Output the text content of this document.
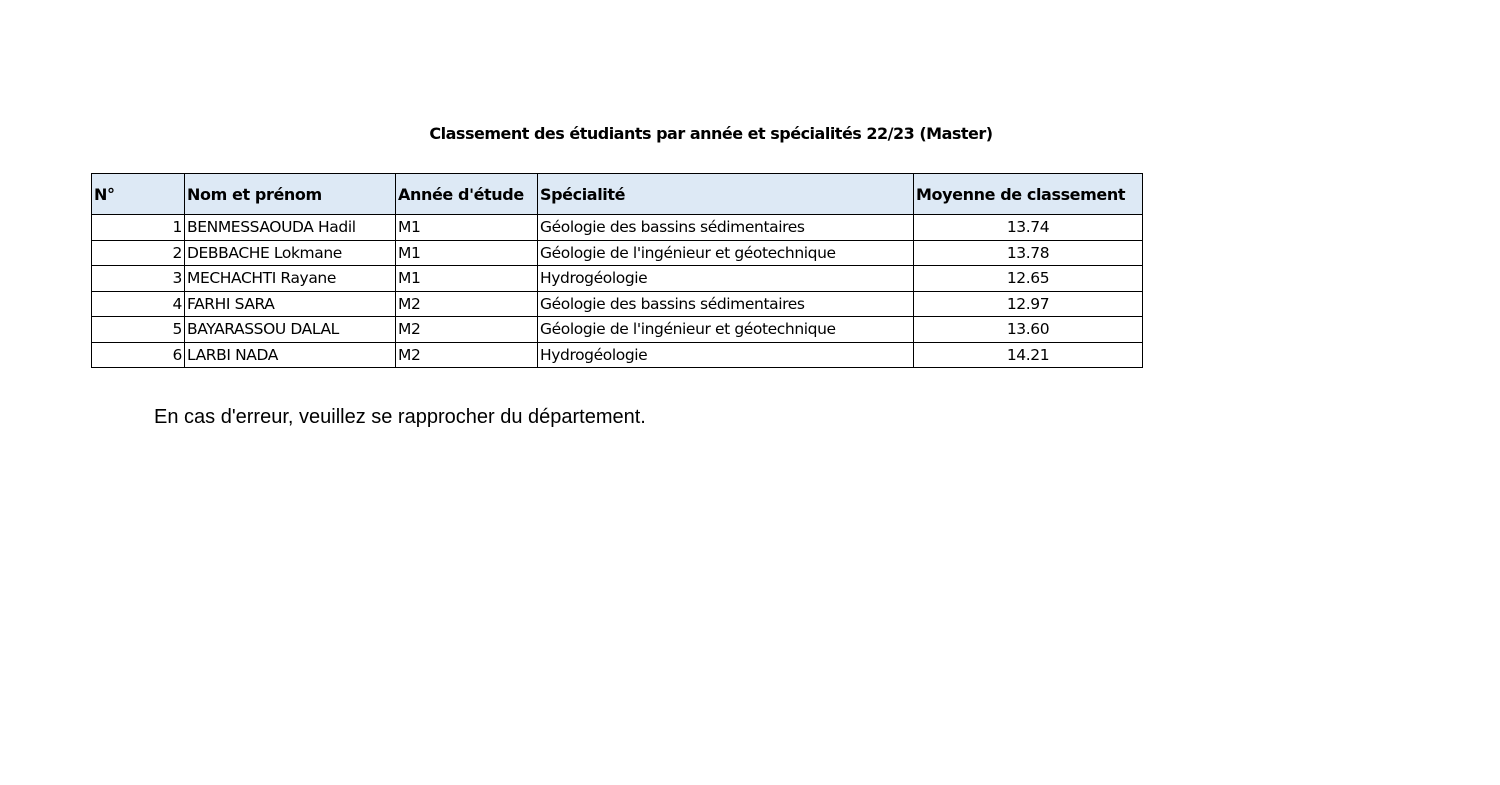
Classement des étudiants par année et spécialités 22/23 (Master)
N°	Nom et prénom	Année d'étude	Spécialité	Moyenne de classement
1	BENMESSAOUDA Hadil	M1	Géologie des bassins sédimentaires	13.74
2	DEBBACHE Lokmane	M1	Géologie de l'ingénieur et géotechnique	13.78
3	MECHACHTI Rayane	M1	Hydrogéologie	12.65
4	FARHI SARA	M2	Géologie des bassins sédimentaires	12.97
5	BAYARASSOU DALAL	M2	Géologie de l'ingénieur et géotechnique	13.60
6	LARBI NADA	M2	Hydrogéologie	14.21
En cas d'erreur, veuillez se rapprocher du département.
